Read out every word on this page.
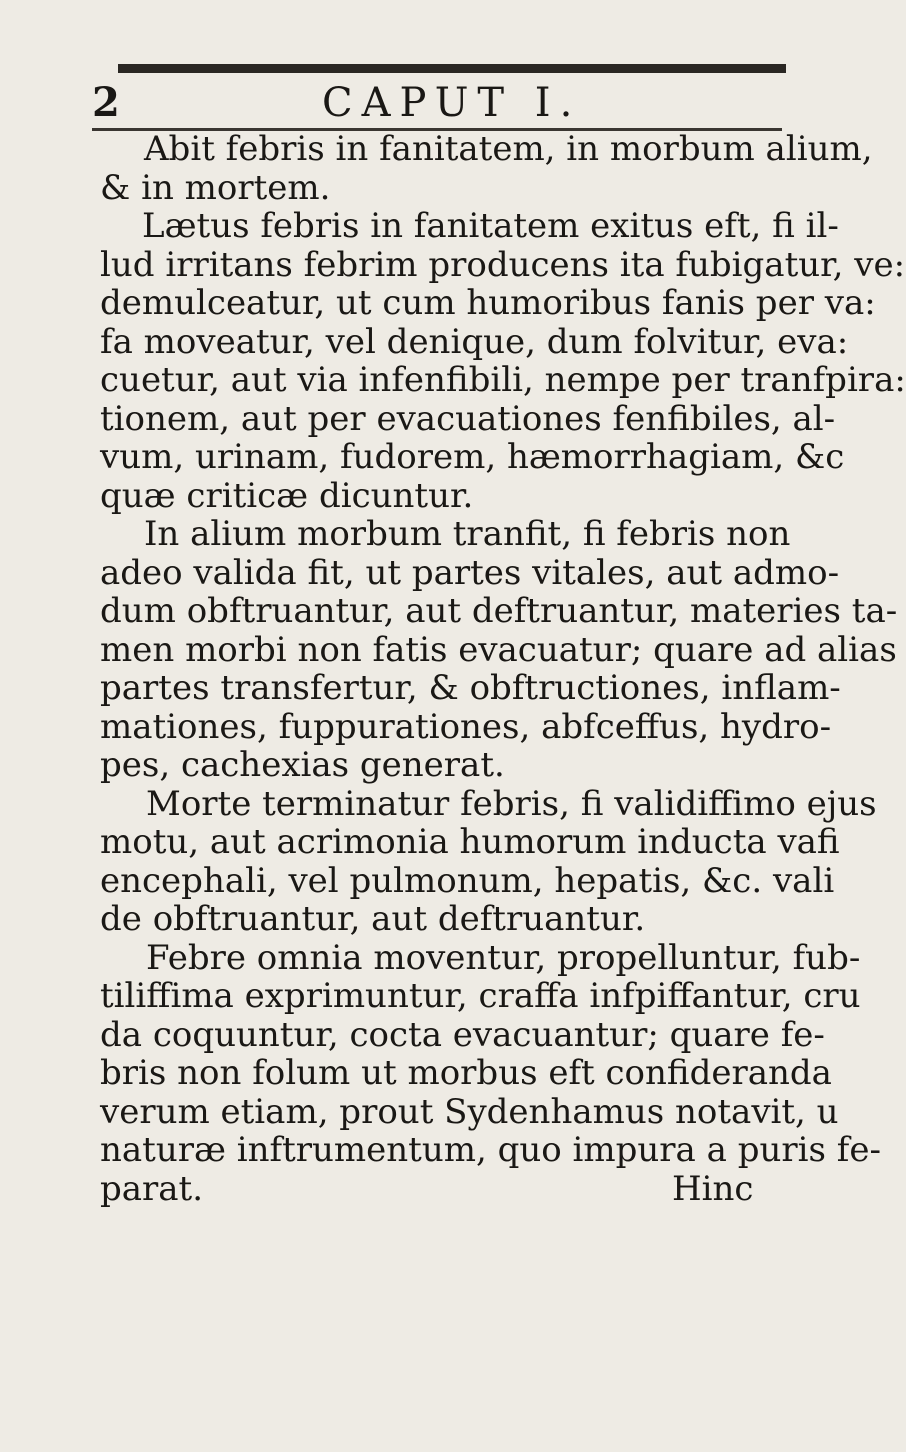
2	CAPUT I.
Abit febris in fanitatem, in morbum alium,
& in mortem.
Lætus febris in fanitatem exitus eft, fi il-
lud irritans febrim producens ita fubigatur, ve:
demulceatur, ut cum humoribus fanis per va:
fa moveatur, vel denique, dum folvitur, eva:
cuetur, aut via infenfibili, nempe per tranfpira:
tionem, aut per evacuationes fenfibiles, al-
vum, urinam, fudorem, hæmorrhagiam, &c
quæ criticæ dicuntur.
In alium morbum tranfit, fi febris non
adeo valida fit, ut partes vitales, aut admo-
dum obftruantur, aut deftruantur, materies ta-
men morbi non fatis evacuatur; quare ad alias
partes transfertur, & obftructiones, inflam-
mationes, fuppurationes, abfceffus, hydro-
pes, cachexias generat.
Morte terminatur febris, fi validiffimo ejus
motu, aut acrimonia humorum inducta vafi
encephali, vel pulmonum, hepatis, &c. vali
de obftruantur, aut deftruantur.
Febre omnia moventur, propelluntur, fub-
tiliffima exprimuntur, craffa infpiffantur, cru
da coquuntur, cocta evacuantur; quare fe-
bris non folum ut morbus eft confideranda
verum etiam, prout Sydenhamus notavit, u
naturæ inftrumentum, quo impura a puris fe-
parat.	Hinc
